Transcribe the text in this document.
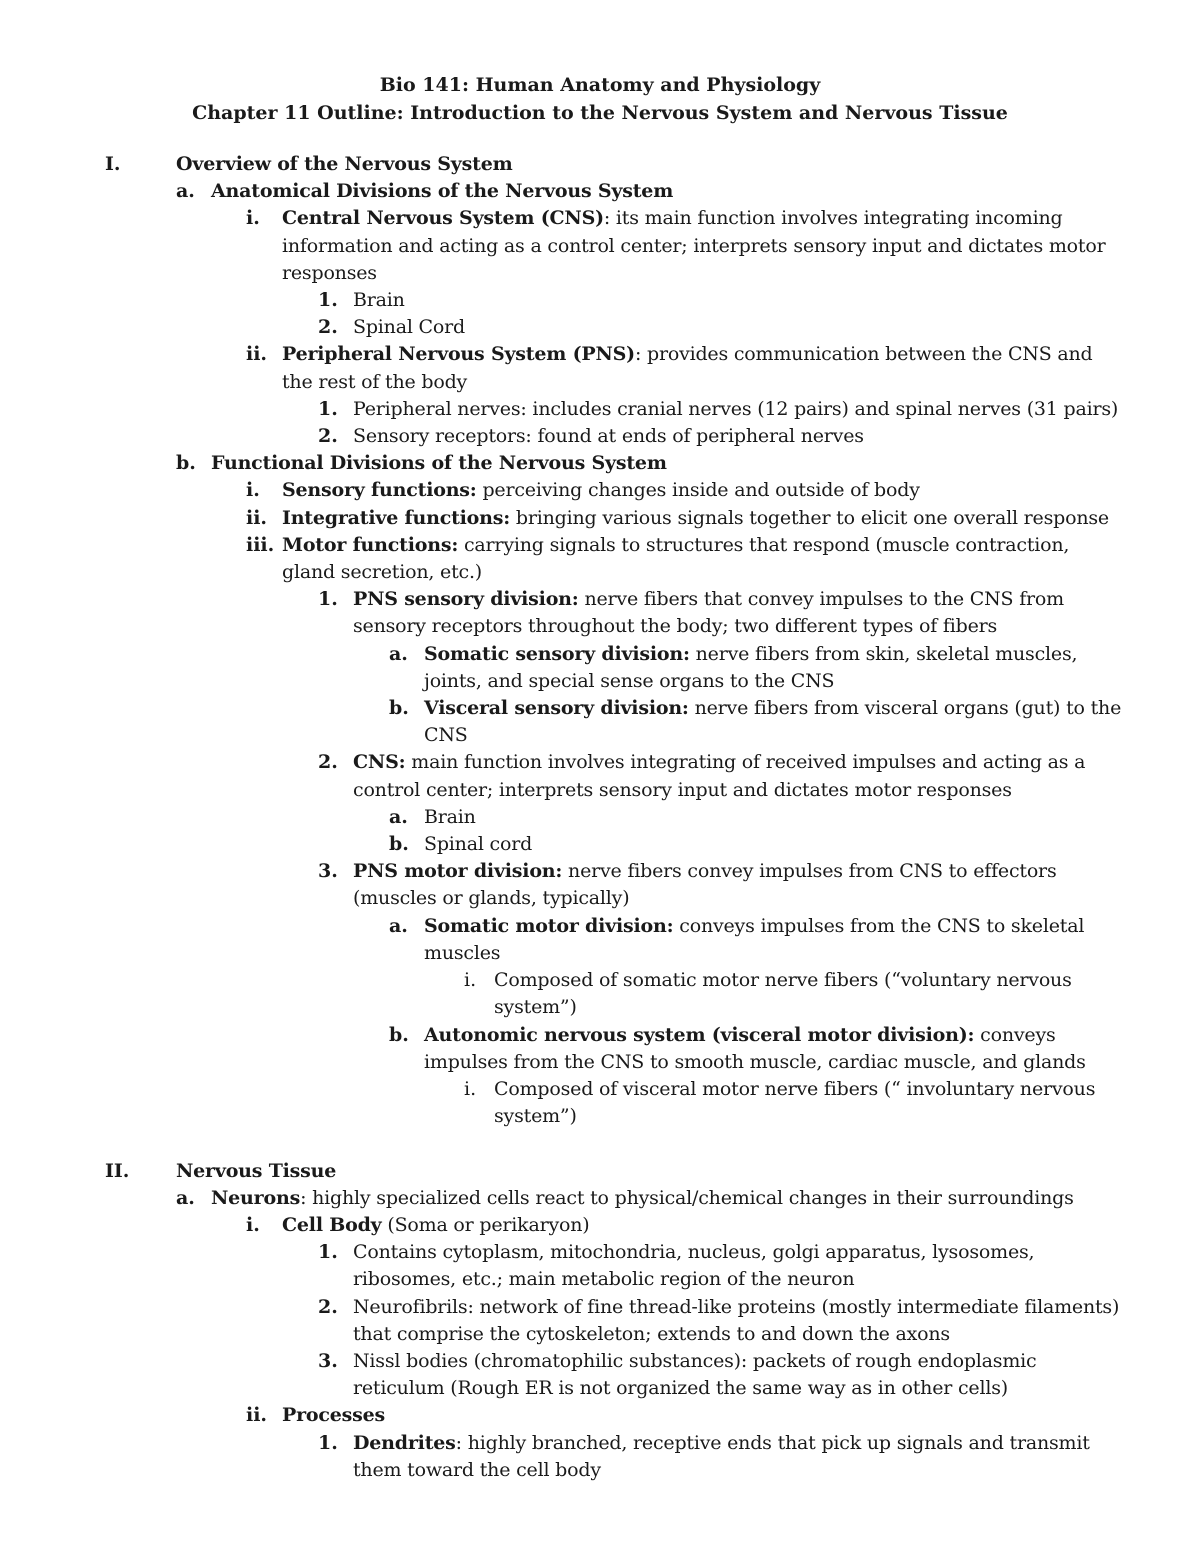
Bio 141: Human Anatomy and Physiology
Chapter 11 Outline: Introduction to the Nervous System and Nervous Tissue
I.	Overview of the Nervous System
a. Anatomical Divisions of the Nervous System
i. Central Nervous System (CNS): its main function involves integrating incoming information and acting as a control center; interprets sensory input and dictates motor responses
1. Brain
2. Spinal Cord
ii. Peripheral Nervous System (PNS): provides communication between the CNS and the rest of the body
1. Peripheral nerves: includes cranial nerves (12 pairs) and spinal nerves (31 pairs)
2. Sensory receptors: found at ends of peripheral nerves
b. Functional Divisions of the Nervous System
i. Sensory functions: perceiving changes inside and outside of body
ii. Integrative functions: bringing various signals together to elicit one overall response
iii. Motor functions: carrying signals to structures that respond (muscle contraction, gland secretion, etc.)
1. PNS sensory division: nerve fibers that convey impulses to the CNS from sensory receptors throughout the body; two different types of fibers
a. Somatic sensory division: nerve fibers from skin, skeletal muscles, joints, and special sense organs to the CNS
b. Visceral sensory division: nerve fibers from visceral organs (gut) to the CNS
2. CNS: main function involves integrating of received impulses and acting as a control center; interprets sensory input and dictates motor responses
a. Brain
b. Spinal cord
3. PNS motor division: nerve fibers convey impulses from CNS to effectors (muscles or glands, typically)
a. Somatic motor division: conveys impulses from the CNS to skeletal muscles
i. Composed of somatic motor nerve fibers (“voluntary nervous system”)
b. Autonomic nervous system (visceral motor division): conveys impulses from the CNS to smooth muscle, cardiac muscle, and glands
i. Composed of visceral motor nerve fibers (“ involuntary nervous system”)
II. Nervous Tissue
a. Neurons: highly specialized cells react to physical/chemical changes in their surroundings
i. Cell Body (Soma or perikaryon)
1. Contains cytoplasm, mitochondria, nucleus, golgi apparatus, lysosomes, ribosomes, etc.; main metabolic region of the neuron
2. Neurofibrils: network of fine thread-like proteins (mostly intermediate filaments) that comprise the cytoskeleton; extends to and down the axons
3. Nissl bodies (chromatophilic substances): packets of rough endoplasmic reticulum (Rough ER is not organized the same way as in other cells)
ii. Processes
1. Dendrites: highly branched, receptive ends that pick up signals and transmit them toward the cell body
